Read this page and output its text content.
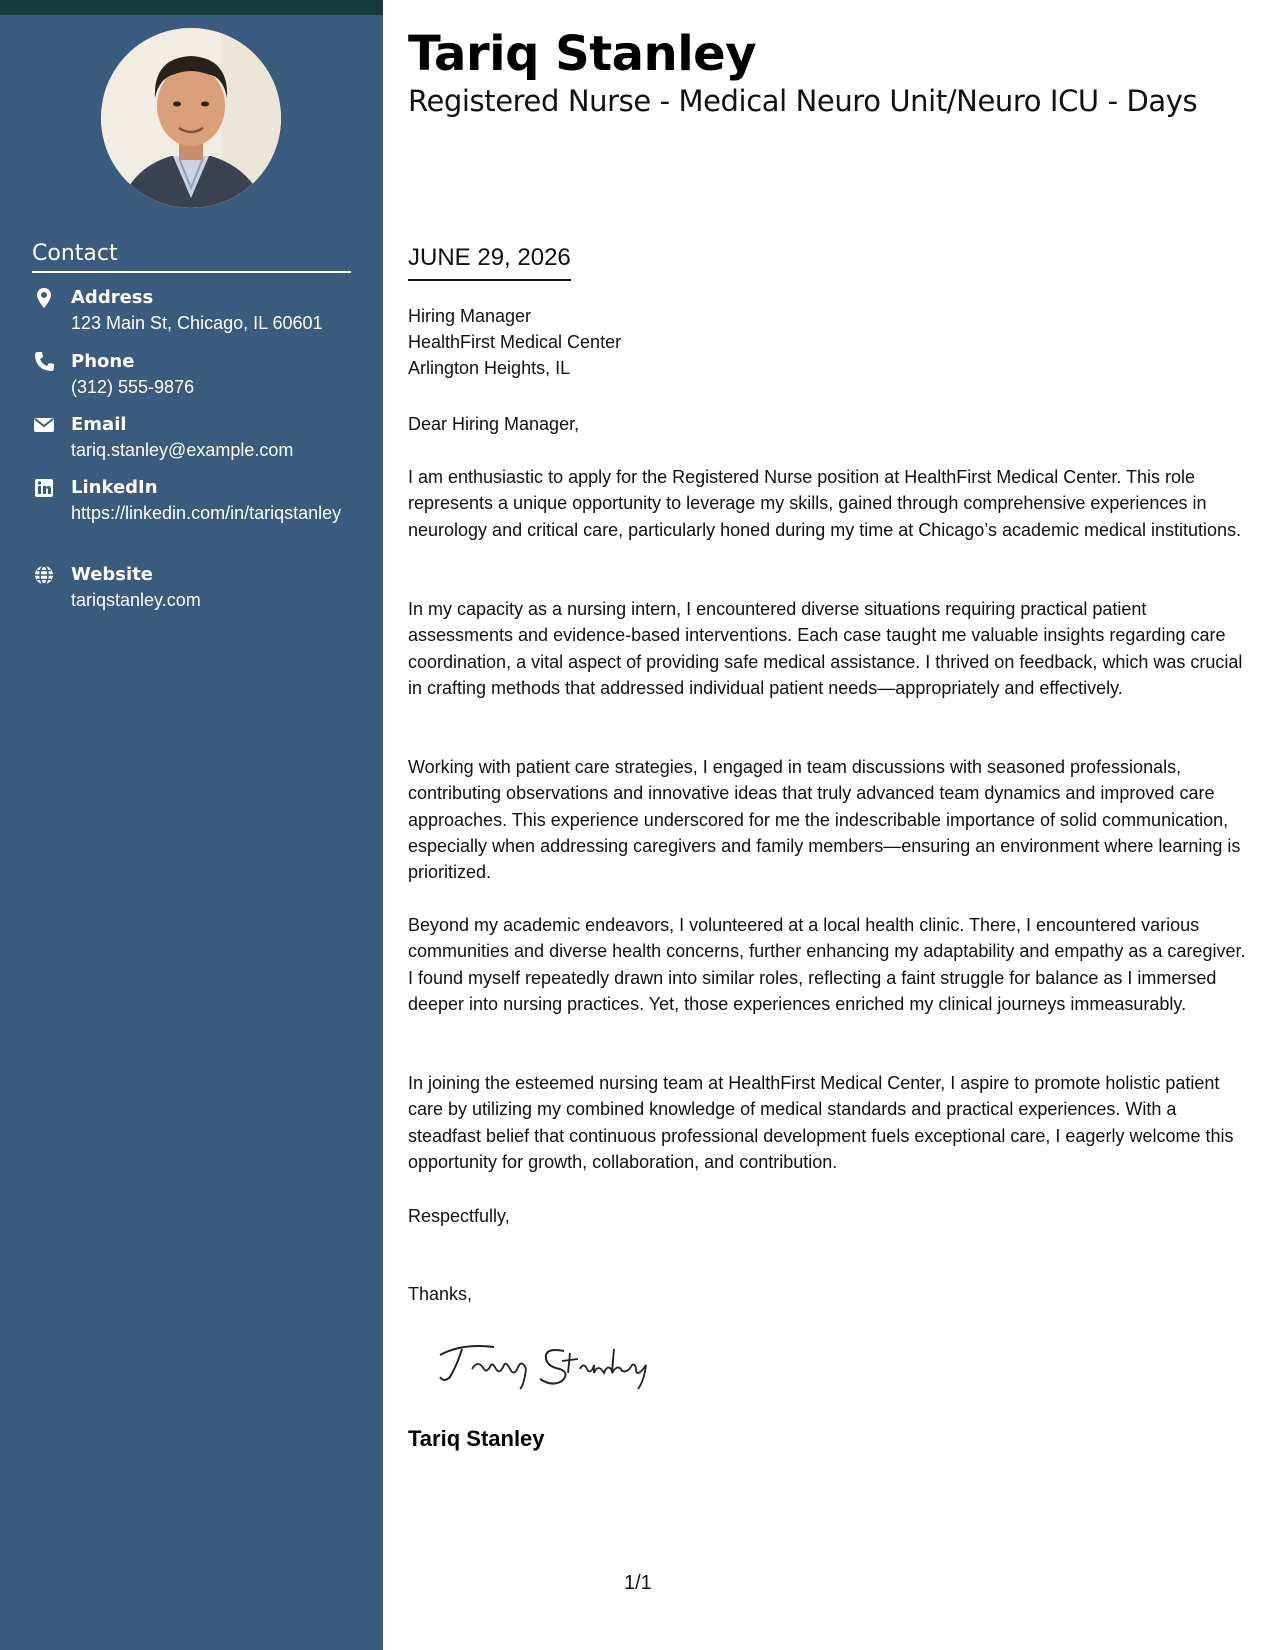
Contact
Address
123 Main St, Chicago, IL 60601
Phone
(312) 555-9876
Email
tariq.stanley@example.com
LinkedIn
https://linkedin.com/in/tariqstanley
Website
tariqstanley.com
Tariq Stanley
Registered Nurse - Medical Neuro Unit/Neuro ICU - Days
JUNE 29, 2026
Hiring Manager
HealthFirst Medical Center
Arlington Heights, IL
Dear Hiring Manager,
I am enthusiastic to apply for the Registered Nurse position at HealthFirst Medical Center. This role represents a unique opportunity to leverage my skills, gained through comprehensive experiences in neurology and critical care, particularly honed during my time at Chicago’s academic medical institutions.
In my capacity as a nursing intern, I encountered diverse situations requiring practical patient assessments and evidence-based interventions. Each case taught me valuable insights regarding care coordination, a vital aspect of providing safe medical assistance. I thrived on feedback, which was crucial in crafting methods that addressed individual patient needs—appropriately and effectively.
Working with patient care strategies, I engaged in team discussions with seasoned professionals, contributing observations and innovative ideas that truly advanced team dynamics and improved care approaches. This experience underscored for me the indescribable importance of solid communication, especially when addressing caregivers and family members—ensuring an environment where learning is prioritized.
Beyond my academic endeavors, I volunteered at a local health clinic. There, I encountered various communities and diverse health concerns, further enhancing my adaptability and empathy as a caregiver. I found myself repeatedly drawn into similar roles, reflecting a faint struggle for balance as I immersed deeper into nursing practices. Yet, those experiences enriched my clinical journeys immeasurably.
In joining the esteemed nursing team at HealthFirst Medical Center, I aspire to promote holistic patient care by utilizing my combined knowledge of medical standards and practical experiences. With a steadfast belief that continuous professional development fuels exceptional care, I eagerly welcome this opportunity for growth, collaboration, and contribution.
Respectfully,
Thanks,
Tariq Stanley
1/1
